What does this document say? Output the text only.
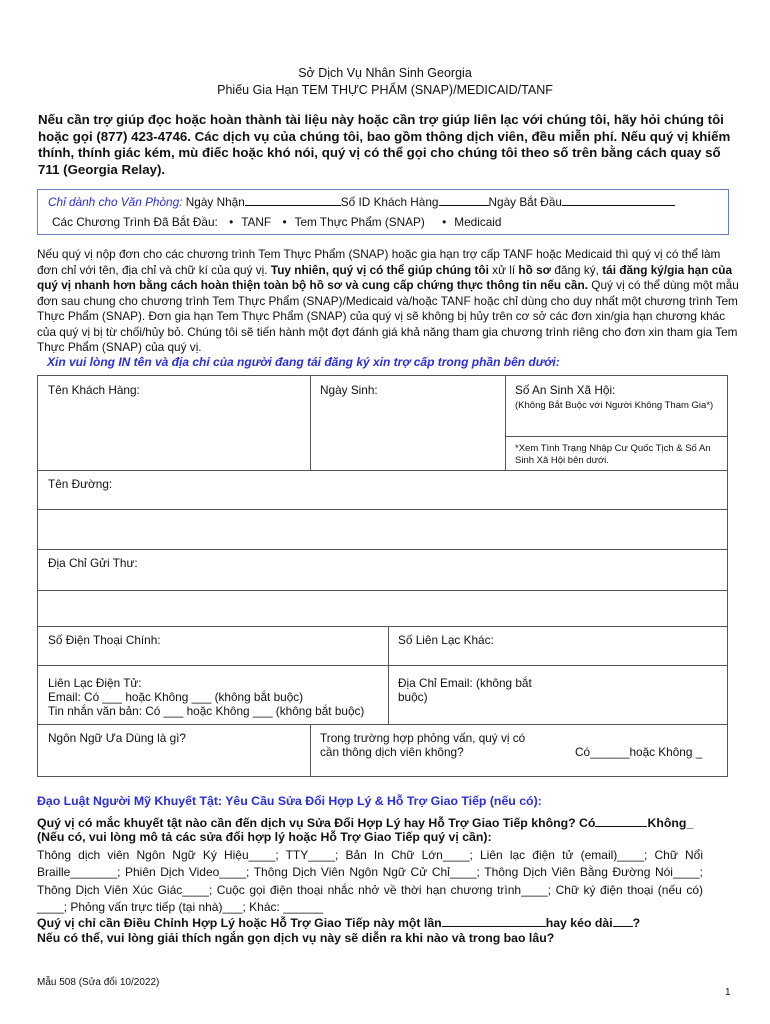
Sở Dịch Vụ Nhân Sinh Georgia
Phiếu Gia Hạn TEM THỰC PHẨM (SNAP)/MEDICAID/TANF
Nếu cần trợ giúp đọc hoặc hoàn thành tài liệu này hoặc cần trợ giúp liên lạc với chúng tôi, hãy hỏi chúng tôi hoặc gọi (877) 423-4746. Các dịch vụ của chúng tôi, bao gồm thông dịch viên, đều miễn phí. Nếu quý vị khiếm thính, thính giác kém, mù điếc hoặc khó nói, quý vị có thể gọi cho chúng tôi theo số trên bằng cách quay số 711 (Georgia Relay).
Chỉ dành cho Văn Phòng: Ngày Nhận	Số ID Khách Hàng	Ngày Bắt Đầu
Các Chương Trình Đã Bắt Đầu: • TANF • Tem Thực Phẩm (SNAP) • Medicaid
Nếu quý vị nộp đơn cho các chương trình Tem Thực Phẩm (SNAP) hoặc gia hạn trợ cấp TANF hoặc Medicaid thì quý vị có thể làm đơn chỉ với tên, địa chỉ và chữ kí của quý vị. Tuy nhiên, quý vị có thể giúp chúng tôi xử lí hồ sơ đăng ký, tái đăng ký/gia hạn của quý vị nhanh hơn bằng cách hoàn thiện toàn bộ hồ sơ và cung cấp chứng thực thông tin nếu cần. Quý vị có thể dùng một mẫu đơn sau chung cho chương trình Tem Thực Phẩm (SNAP)/Medicaid và/hoặc TANF hoặc chỉ dùng cho duy nhất một chương trình Tem Thực Phẩm (SNAP). Đơn gia hạn Tem Thực Phẩm (SNAP) của quý vị sẽ không bị hủy trên cơ sở các đơn xin/gia hạn chương khác của quý vị bị từ chối/hủy bỏ. Chúng tôi sẽ tiến hành một đợt đánh giá khả năng tham gia chương trình riêng cho đơn xin tham gia Tem Thực Phẩm (SNAP) của quý vị.
Xin vui lòng IN tên và địa chỉ của người đang tái đăng ký xin trợ cấp trong phần bên dưới:
Tên Khách Hàng:	Ngày Sinh:	Số An Sinh Xã Hội:
(Không Bắt Buộc với Người Không Tham Gia*)
*Xem Tình Trạng Nhập Cư Quốc Tịch & Số An
Sinh Xã Hội bên dưới.
Tên Đường:
Địa Chỉ Gửi Thư:
Số Điện Thoại Chính:	Số Liên Lạc Khác:
Liên Lạc Điện Tử:
Email: Có ___ hoặc Không ___ (không bắt buộc)
Tin nhắn văn bản: Có ___ hoặc Không ___ (không bắt buộc)
Địa Chỉ Email: (không bắt
buộc)
Ngôn Ngữ Ưa Dùng là gì?	Trong trường hợp phỏng vấn, quý vị có
cần thông dịch viên không?	Có______hoặc Không _
Đạo Luật Người Mỹ Khuyết Tật: Yêu Cầu Sửa Đổi Hợp Lý & Hỗ Trợ Giao Tiếp (nếu có):
Quý vị có mắc khuyết tật nào cần đến dịch vụ Sửa Đổi Hợp Lý hay Hỗ Trợ Giao Tiếp không? Có	Không_
(Nếu có, vui lòng mô tả các sửa đổi hợp lý hoặc Hỗ Trợ Giao Tiếp quý vị cần):
Thông dịch viên Ngôn Ngữ Ký Hiệu____; TTY____; Bản In Chữ Lớn____; Liên lạc điện tử (email)____; Chữ Nổi Braille_______; Phiên Dịch Video____; Thông Dịch Viên Ngôn Ngữ Cử Chỉ____; Thông Dịch Viên Bằng Đường Nói____; Thông Dịch Viên Xúc Giác____; Cuộc gọi điện thoại nhắc nhở về thời hạn chương trình____; Chữ ký điện thoại (nếu có) ____; Phỏng vấn trực tiếp (tại nhà)___; Khác: ______
Quý vị chỉ cần Điều Chỉnh Hợp Lý hoặc Hỗ Trợ Giao Tiếp này một lần	hay kéo dài ?
Nếu có thể, vui lòng giải thích ngắn gọn dịch vụ này sẽ diễn ra khi nào và trong bao lâu?
Mẫu 508 (Sửa đổi 10/2022)
1
